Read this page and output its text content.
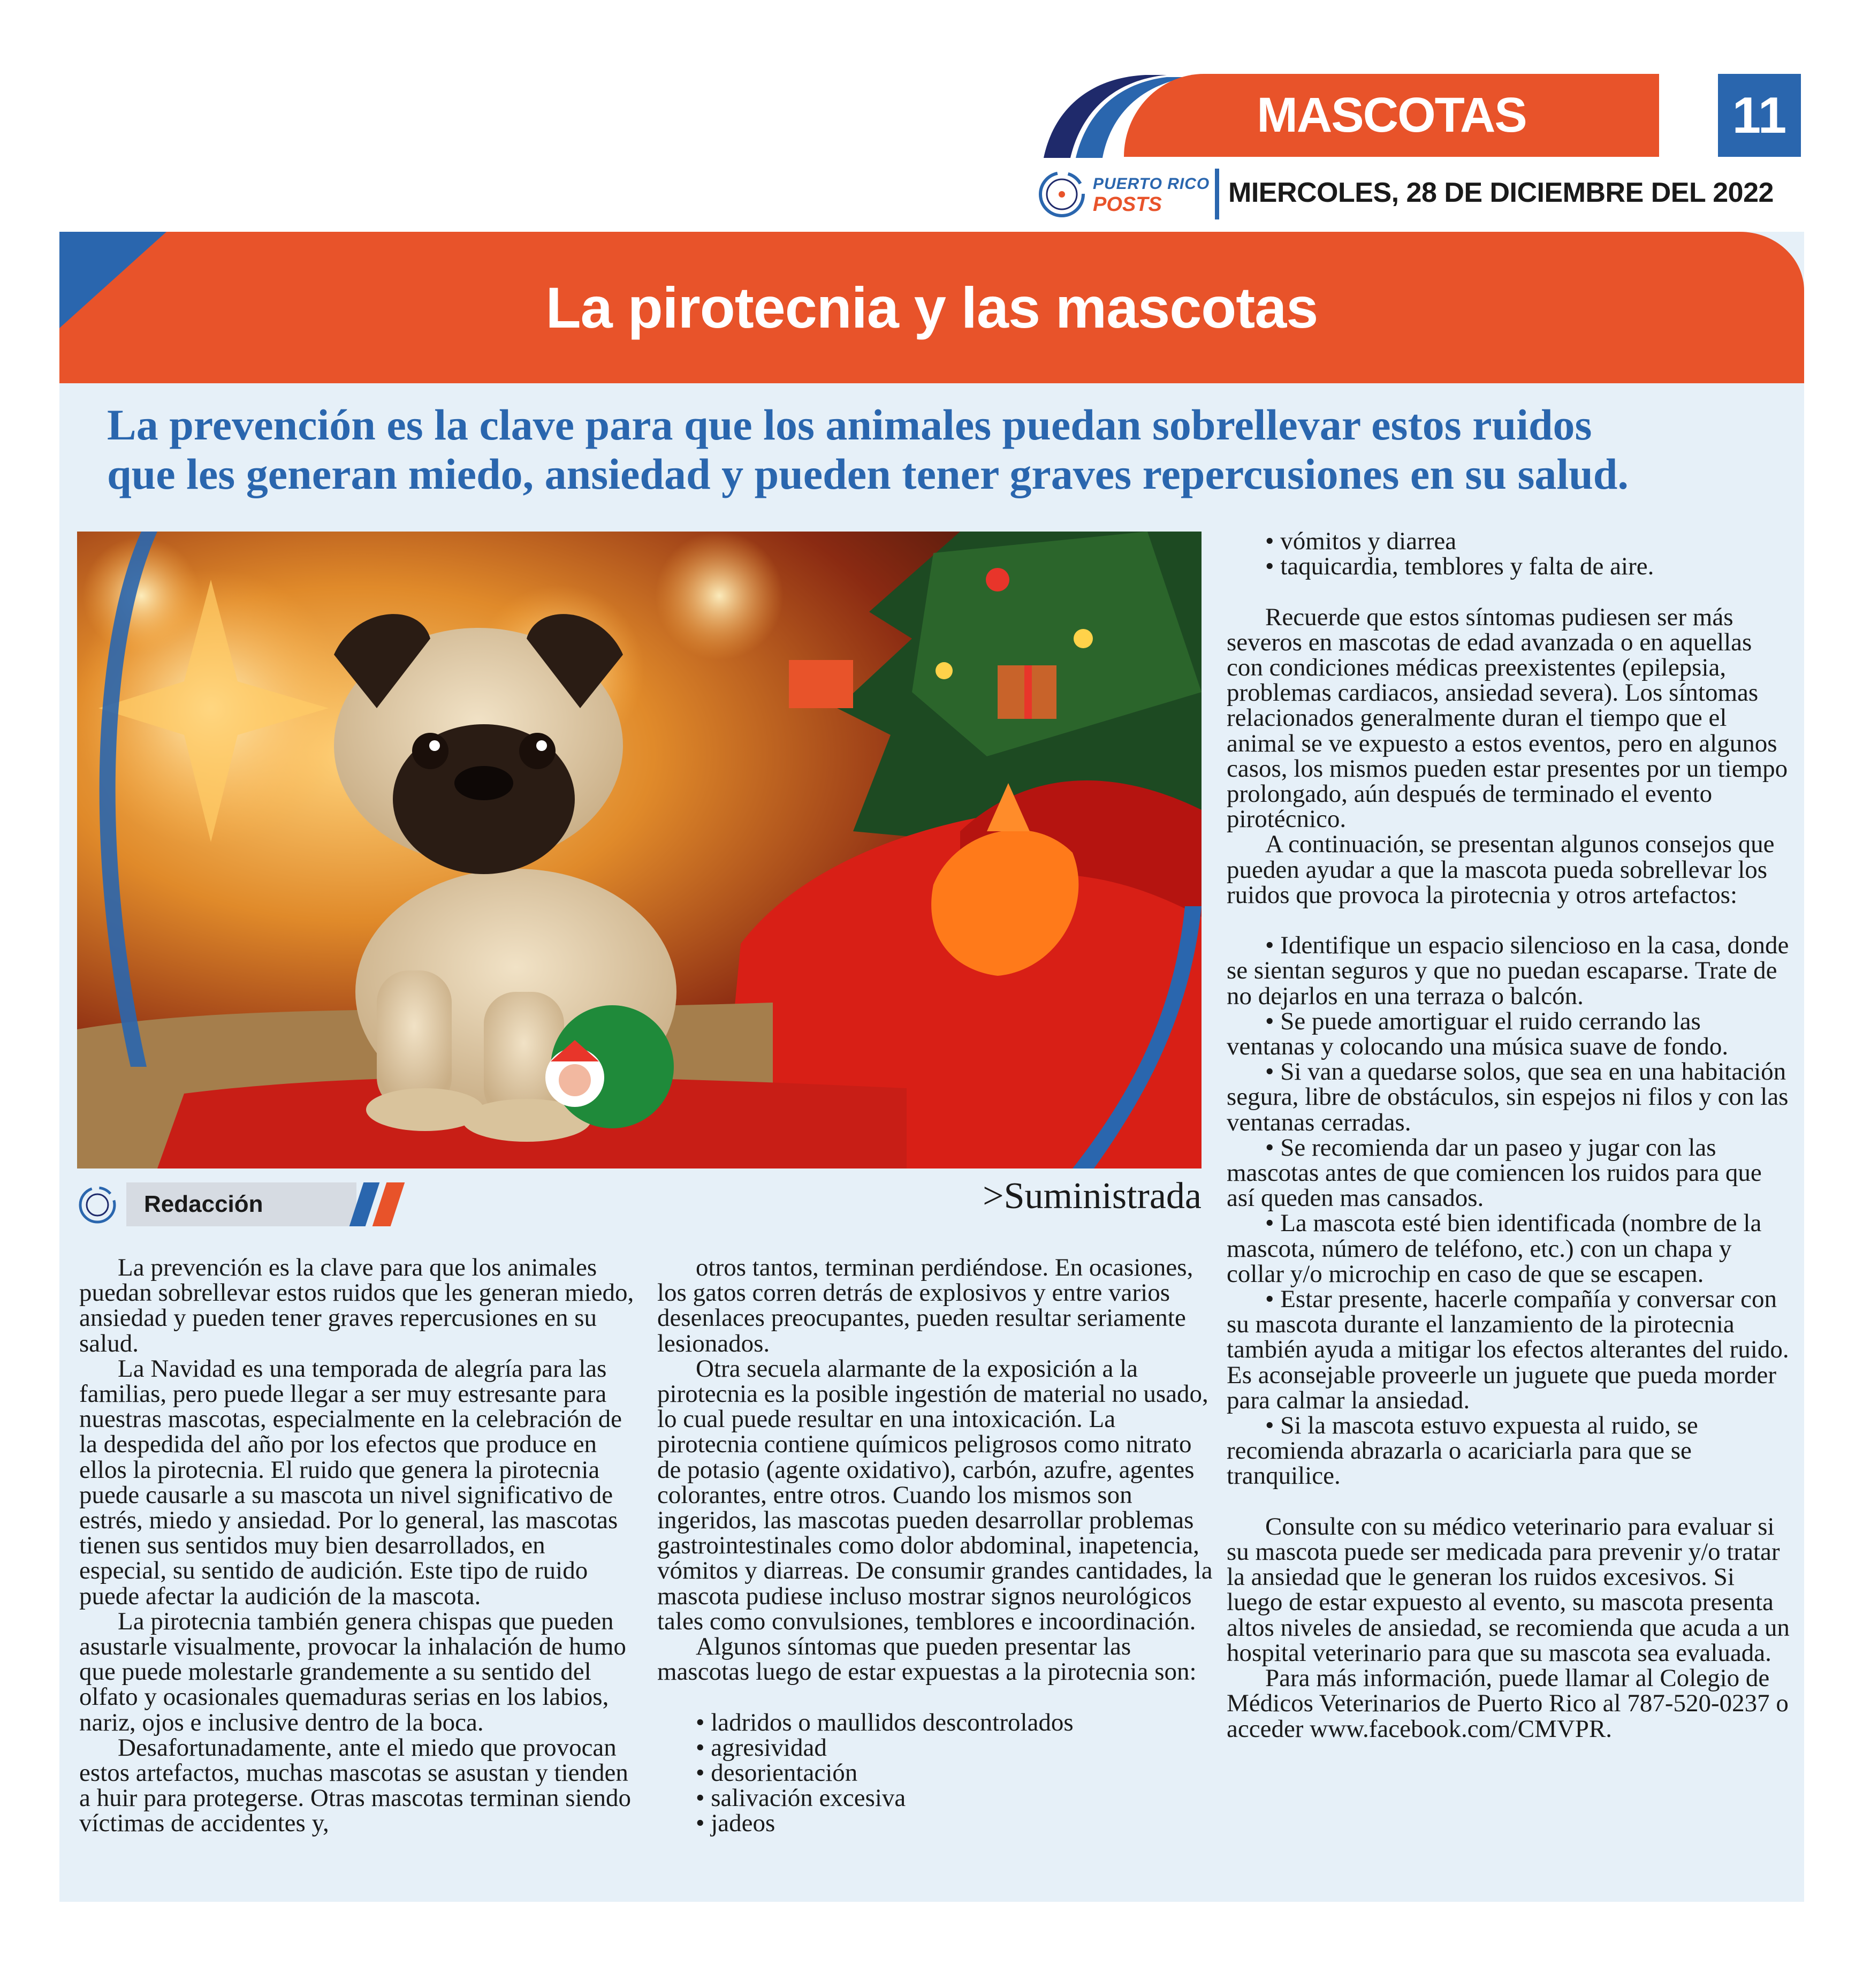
MASCOTAS	11
PUERTO RICO
POSTS MIERCOLES, 28 DE DICIEMBRE DEL 2022
La pirotecnia y las mascotas
La prevención es la clave para que los animales puedan sobrellevar estos ruidos
que les generan miedo, ansiedad y pueden tener graves repercusiones en su salud.
Redacción	>Suministrada

La prevención es la clave para que los animales puedan sobrellevar estos ruidos que les generan miedo, ansiedad y pueden tener graves repercusiones en su salud.

La Navidad es una temporada de alegría para las familias, pero puede llegar a ser muy estresante para nuestras mascotas, especialmente en la celebración de la despedida del año por los efectos que produce en ellos la pirotecnia. El ruido que genera la pirotecnia puede causarle a su mascota un nivel significativo de estrés, miedo y ansiedad. Por lo general, las mascotas tienen sus sentidos muy bien desarrollados, en especial, su sentido de audición. Este tipo de ruido puede afectar la audición de la mascota.

La pirotecnia también genera chispas que pueden asustarle visualmente, provocar la inhalación de humo que puede molestarle grandemente a su sentido del olfato y ocasionales quemaduras serias en los labios, nariz, ojos e inclusive dentro de la boca.

Desafortunadamente, ante el miedo que provocan estos artefactos, muchas mascotas se asustan y tienden a huir para protegerse. Otras mascotas terminan siendo víctimas de accidentes y,

otros tantos, terminan perdiéndose. En ocasiones, los gatos corren detrás de explosivos y entre varios desenlaces preocupantes, pueden resultar seriamente lesionados.

Otra secuela alarmante de la exposición a la pirotecnia es la posible ingestión de material no usado, lo cual puede resultar en una intoxicación. La pirotecnia contiene químicos peligrosos como nitrato de potasio (agente oxidativo), carbón, azufre, agentes colorantes, entre otros. Cuando los mismos son ingeridos, las mascotas pueden desarrollar problemas gastrointestinales como dolor abdominal, inapetencia, vómitos y diarreas. De consumir grandes cantidades, la mascota pudiese incluso mostrar signos neurológicos tales como convulsiones, temblores e incoordinación.

Algunos síntomas que pueden presentar las mascotas luego de estar expuestas a la pirotecnia son:

• ladridos o maullidos descontrolados

• agresividad

• desorientación

• salivación excesiva

• jadeos

• vómitos y diarrea

• taquicardia, temblores y falta de aire.

Recuerde que estos síntomas pudiesen ser más severos en mascotas de edad avanzada o en aquellas con condiciones médicas preexistentes (epilepsia, problemas cardiacos, ansiedad severa). Los síntomas relacionados generalmente duran el tiempo que el animal se ve expuesto a estos eventos, pero en algunos casos, los mismos pueden estar presentes por un tiempo prolongado, aún después de terminado el evento pirotécnico.

A continuación, se presentan algunos consejos que pueden ayudar a que la mascota pueda sobrellevar los ruidos que provoca la pirotecnia y otros artefactos:

• Identifique un espacio silencioso en la casa, donde se sientan seguros y que no puedan escaparse. Trate de no dejarlos en una terraza o balcón.

• Se puede amortiguar el ruido cerrando las ventanas y colocando una música suave de fondo.

• Si van a quedarse solos, que sea en una habitación segura, libre de obstáculos, sin espejos ni filos y con las ventanas cerradas.

• Se recomienda dar un paseo y jugar con las mascotas antes de que comiencen los ruidos para que así queden mas cansados.

• La mascota esté bien identificada (nombre de la mascota, número de teléfono, etc.) con un chapa y collar y/o microchip en caso de que se escapen.

• Estar presente, hacerle compañía y conversar con su mascota durante el lanzamiento de la pirotecnia también ayuda a mitigar los efectos alterantes del ruido. Es aconsejable proveerle un juguete que pueda morder para calmar la ansiedad.

• Si la mascota estuvo expuesta al ruido, se recomienda abrazarla o acariciarla para que se tranquilice.

Consulte con su médico veterinario para evaluar si su mascota puede ser medicada para prevenir y/o tratar la ansiedad que le generan los ruidos excesivos. Si luego de estar expuesto al evento, su mascota presenta altos niveles de ansiedad, se recomienda que acuda a un hospital veterinario para que su mascota sea evaluada.

Para más información, puede llamar al Colegio de Médicos Veterinarios de Puerto Rico al 787-520-0237 o acceder www.facebook.com/CMVPR.
